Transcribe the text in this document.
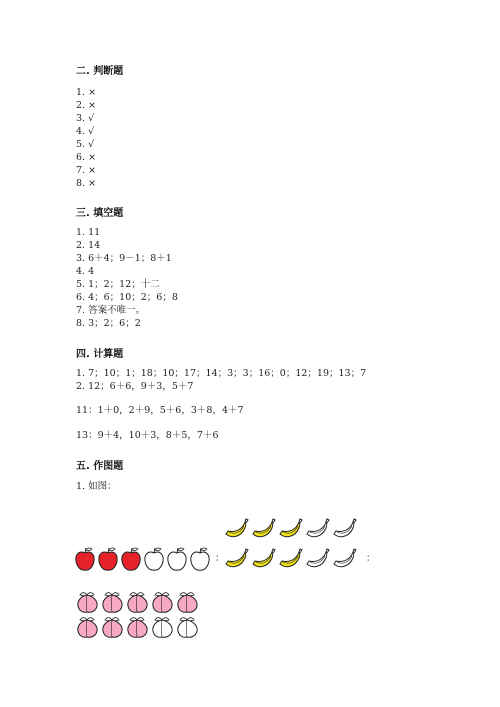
二. 判断题
1. ×
2. ×
3. √
4. √
5. √
6. ×
7. ×
8. ×
三. 填空题
1. 11
2. 14
3. 6＋4；9－1；8＋1
4. 4
5. 1；2；12；十二
6. 4；6；10；2；6；8
7. 答案不唯一。
8. 3；2；6；2
四. 计算题
1. 7；10；1；18；10；17；14；3；3；16；0；12；19；13；7
2. 12；6＋6，9＋3，5＋7
11：1＋0，2＋9，5＋6，3＋8，4＋7
13：9＋4，10＋3，8＋5，7＋6
五. 作图题
1. 如图：
：	：
